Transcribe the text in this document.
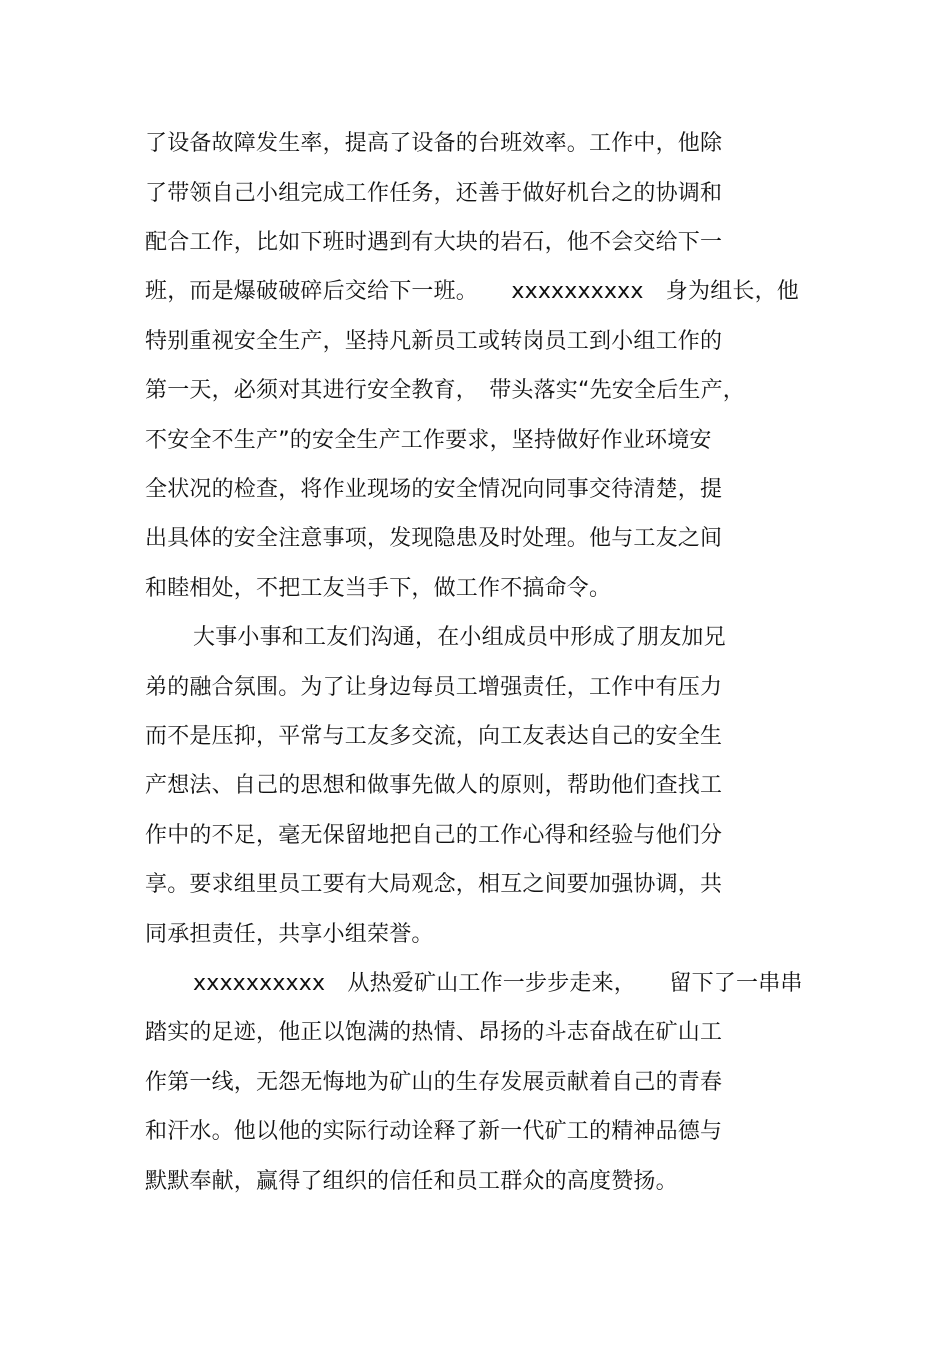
了设备故障发生率，提高了设备的台班效率。工作中，他除
了带领自己小组完成工作任务，还善于做好机台之的协调和
配合工作，比如下班时遇到有大块的岩石，他不会交给下一
班，而是爆破破碎后交给下一班。　　xxxxxxxxxx　身为组长，他
特别重视安全生产，坚持凡新员工或转岗员工到小组工作的
第一天，必须对其进行安全教育，　带头落实“先安全后生产，
不安全不生产”的安全生产工作要求，坚持做好作业环境安
全状况的检查，将作业现场的安全情况向同事交待清楚，提
出具体的安全注意事项，发现隐患及时处理。他与工友之间
和睦相处，不把工友当手下，做工作不搞命令。
大事小事和工友们沟通，在小组成员中形成了朋友加兄
弟的融合氛围。为了让身边每员工增强责任，工作中有压力
而不是压抑，平常与工友多交流，向工友表达自己的安全生
产想法、自己的思想和做事先做人的原则，帮助他们查找工
作中的不足，毫无保留地把自己的工作心得和经验与他们分
享。要求组里员工要有大局观念，相互之间要加强协调，共
同承担责任，共享小组荣誉。
xxxxxxxxxx　从热爱矿山工作一步步走来，　　留下了一串串
踏实的足迹，他正以饱满的热情、昂扬的斗志奋战在矿山工
作第一线，无怨无悔地为矿山的生存发展贡献着自己的青春
和汗水。他以他的实际行动诠释了新一代矿工的精神品德与
默默奉献，赢得了组织的信任和员工群众的高度赞扬。
